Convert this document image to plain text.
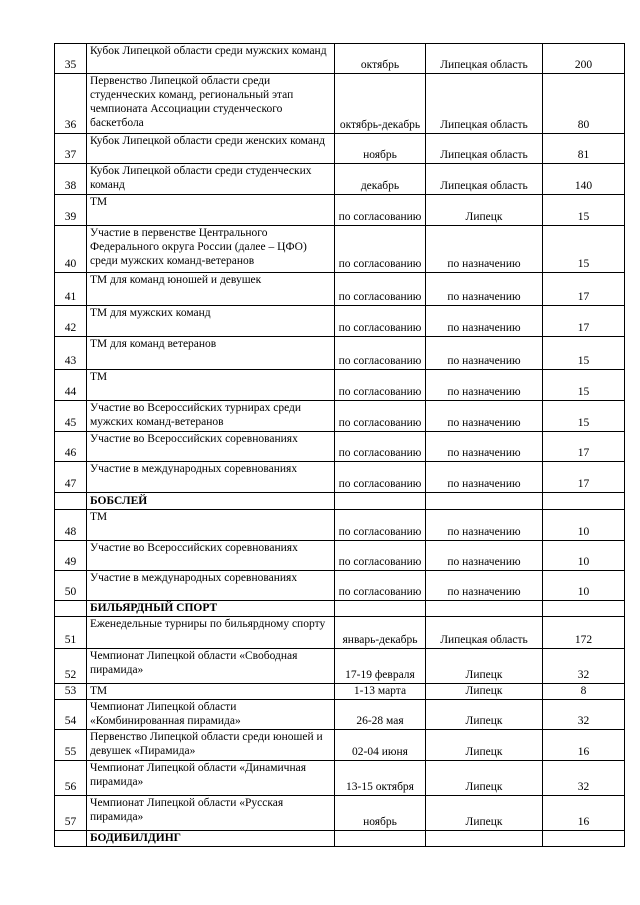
35	Кубок Липецкой области среди мужских команд	октябрь	Липецкая область	200
36	Первенство Липецкой области среди студенческих команд, региональный этап чемпионата Ассоциации студенческого баскетбола	октябрь-декабрь	Липецкая область	80
37	Кубок Липецкой области среди женских команд	ноябрь	Липецкая область	81
38	Кубок Липецкой области среди студенческих команд	декабрь	Липецкая область	140
39	ТМ	по согласованию	Липецк	15
40	Участие в первенстве Центрального Федерального округа России (далее – ЦФО) среди мужских команд-ветеранов	по согласованию	по назначению	15
41	ТМ для команд юношей и девушек	по согласованию	по назначению	17
42	ТМ для мужских команд	по согласованию	по назначению	17
43	ТМ для команд ветеранов	по согласованию	по назначению	15
44	ТМ	по согласованию	по назначению	15
45	Участие во Всероссийских турнирах среди мужских команд-ветеранов	по согласованию	по назначению	15
46	Участие во Всероссийских соревнованиях	по согласованию	по назначению	17
47	Участие в международных соревнованиях	по согласованию	по назначению	17
	БОБСЛЕЙ			
48	ТМ	по согласованию	по назначению	10
49	Участие во Всероссийских соревнованиях	по согласованию	по назначению	10
50	Участие в международных соревнованиях	по согласованию	по назначению	10
	БИЛЬЯРДНЫЙ СПОРТ			
51	Еженедельные турниры по бильярдному спорту	январь-декабрь	Липецкая область	172
52	Чемпионат Липецкой области «Свободная пирамида»	17-19 февраля	Липецк	32
53	ТМ	1-13 марта	Липецк	8
54	Чемпионат Липецкой области «Комбинированная пирамида»	26-28 мая	Липецк	32
55	Первенство Липецкой области среди юношей и девушек «Пирамида»	02-04 июня	Липецк	16
56	Чемпионат Липецкой области «Динамичная пирамида»	13-15 октября	Липецк	32
57	Чемпионат Липецкой области «Русская пирамида»	ноябрь	Липецк	16
	БОДИБИЛДИНГ			
